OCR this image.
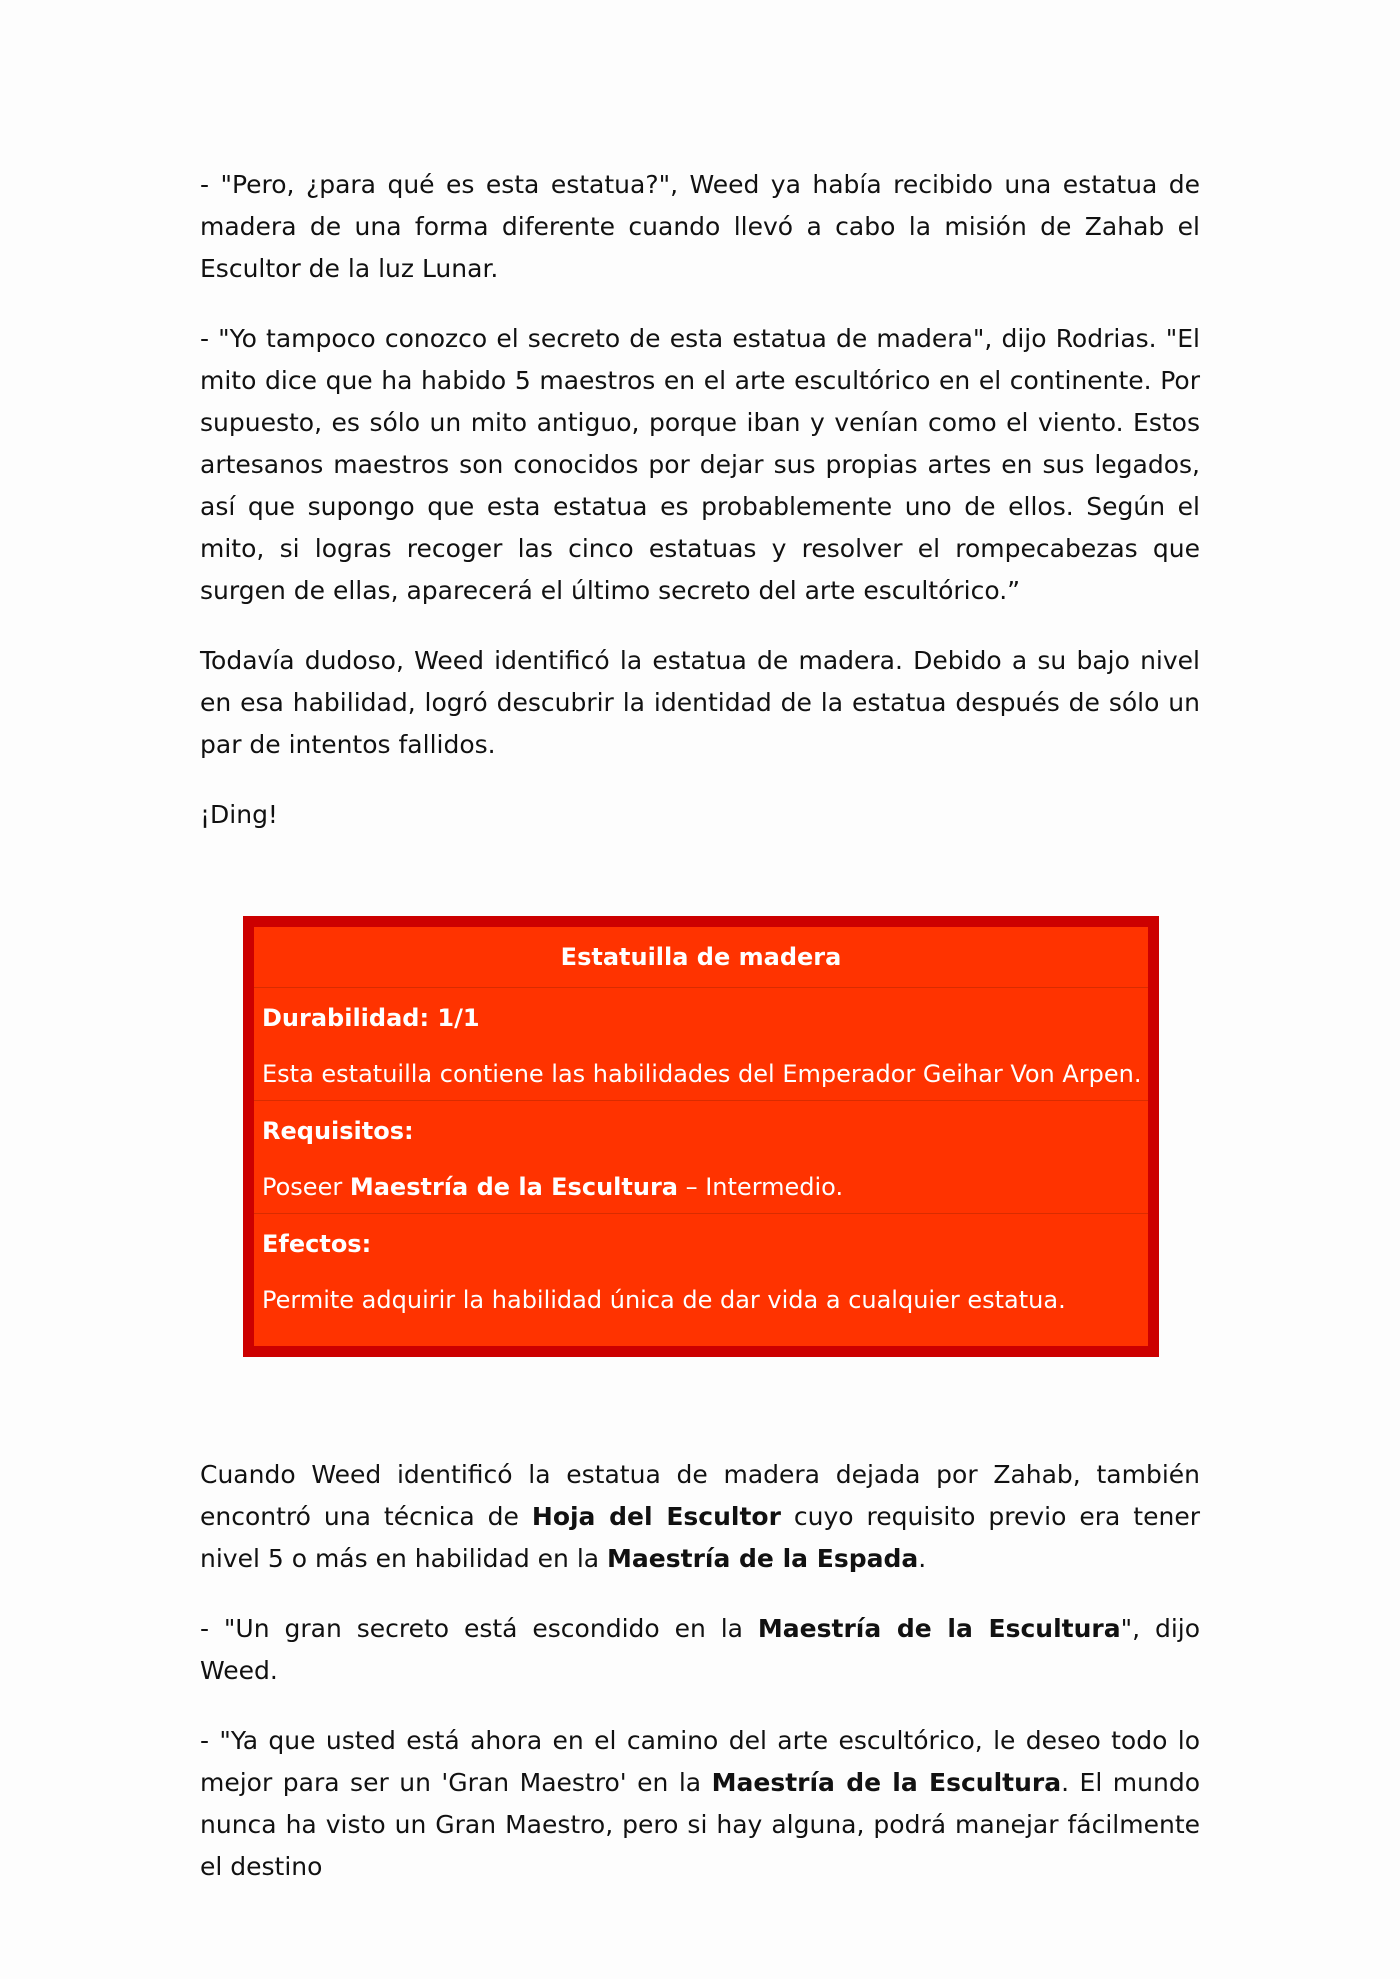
- "Pero, ¿para qué es esta estatua?", Weed ya había recibido una estatua de madera de una forma diferente cuando llevó a cabo la misión de Zahab el Escultor de la luz Lunar.

- "Yo tampoco conozco el secreto de esta estatua de madera", dijo Rodrias. "El mito dice que ha habido 5 maestros en el arte escultórico en el continente. Por supuesto, es sólo un mito antiguo, porque iban y venían como el viento. Estos artesanos maestros son conocidos por dejar sus propias artes en sus legados, así que supongo que esta estatua es probablemente uno de ellos. Según el mito, si logras recoger las cinco estatuas y resolver el rompecabezas que surgen de ellas, aparecerá el último secreto del arte escultórico.”

Todavía dudoso, Weed identificó la estatua de madera. Debido a su bajo nivel en esa habilidad, logró descubrir la identidad de la estatua después de sólo un par de intentos fallidos.

¡Ding!

Estatuilla de madera
Durabilidad: 1/1
Esta estatuilla contiene las habilidades del Emperador Geihar Von Arpen.
Requisitos:
Poseer Maestría de la Escultura – Intermedio.
Efectos:
Permite adquirir la habilidad única de dar vida a cualquier estatua.

Cuando Weed identificó la estatua de madera dejada por Zahab, también encontró una técnica de Hoja del Escultor cuyo requisito previo era tener nivel 5 o más en habilidad en la Maestría de la Espada.

- "Un gran secreto está escondido en la Maestría de la Escultura", dijo Weed.

- "Ya que usted está ahora en el camino del arte escultórico, le deseo todo lo mejor para ser un 'Gran Maestro' en la Maestría de la Escultura. El mundo nunca ha visto un Gran Maestro, pero si hay alguna, podrá manejar fácilmente el destino
